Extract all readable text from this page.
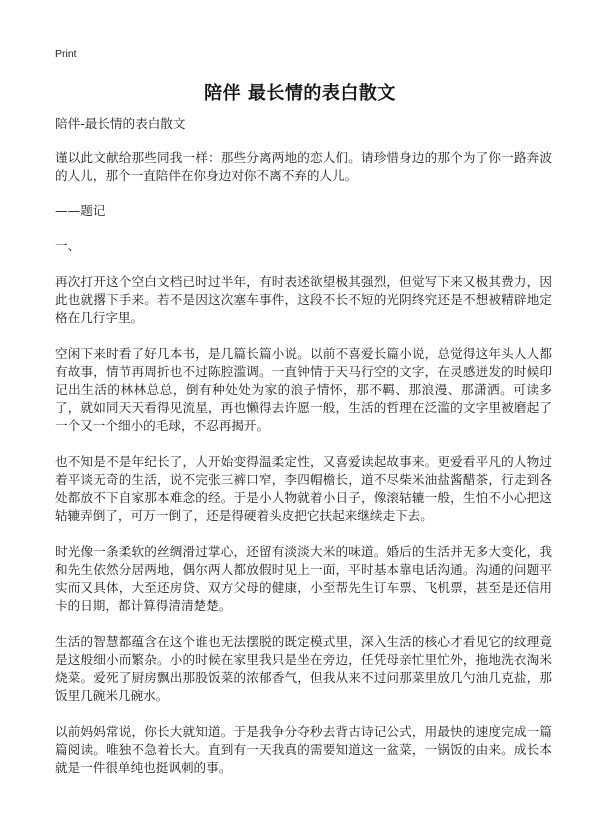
Print
陪伴 最长情的表白散文

陪伴-最长情的表白散文

谨以此文献给那些同我一样：那些分离两地的恋人们。请珍惜身边的那个为了你一路奔波的人儿，那个一直陪伴在你身边对你不离不弃的人儿。

——题记

一、

再次打开这个空白文档已时过半年，有时表述欲望极其强烈，但觉写下来又极其费力，因此也就撂下手来。若不是因这次塞车事件，这段不长不短的光阴终究还是不想被精辟地定格在几行字里。

空闲下来时看了好几本书，是几篇长篇小说。以前不喜爱长篇小说，总觉得这年头人人都有故事，情节再周折也不过陈腔滥调。一直钟情于天马行空的文字，在灵感迸发的时候印记出生活的林林总总，倒有种处处为家的浪子情怀，那不羁、那浪漫、那潇洒。可读多了，就如同天天看得见流星，再也懒得去许愿一般，生活的哲理在泛滥的文字里被磨起了一个又一个细小的毛球，不忍再揭开。

也不知是不是年纪长了，人开始变得温柔定性，又喜爱读起故事来。更爱看平凡的人物过着平谈无奇的生活，说不完张三裤口窄，李四帽檐长，道不尽柴米油盐酱醋茶，行走到各处都放不下自家那本难念的经。于是小人物就着小日子，像滚轱辘一般，生怕不小心把这轱辘弄倒了，可万一倒了，还是得硬着头皮把它扶起来继续走下去。

时光像一条柔软的丝绸滑过掌心，还留有淡淡大米的味道。婚后的生活并无多大变化，我和先生依然分居两地，偶尔两人都放假时见上一面，平时基本靠电话沟通。沟通的问题平实而又具体，大至还房贷、双方父母的健康，小至帮先生订车票、飞机票，甚至是还信用卡的日期，都计算得清清楚楚。

生活的智慧都蕴含在这个谁也无法摆脱的既定模式里，深入生活的核心才看见它的纹理竟是这般细小而繁杂。小的时候在家里我只是坐在旁边，任凭母亲忙里忙外，拖地洗衣淘米烧菜。爱死了厨房飘出那股饭菜的浓郁香气，但我从来不过问那菜里放几勺油几克盐，那饭里几碗米几碗水。

以前妈妈常说，你长大就知道。于是我争分夺秒去背古诗记公式，用最快的速度完成一篇篇阅读。唯独不急着长大。直到有一天我真的需要知道这一盆菜，一锅饭的由来。成长本就是一件很单纯也挺讽刺的事。
